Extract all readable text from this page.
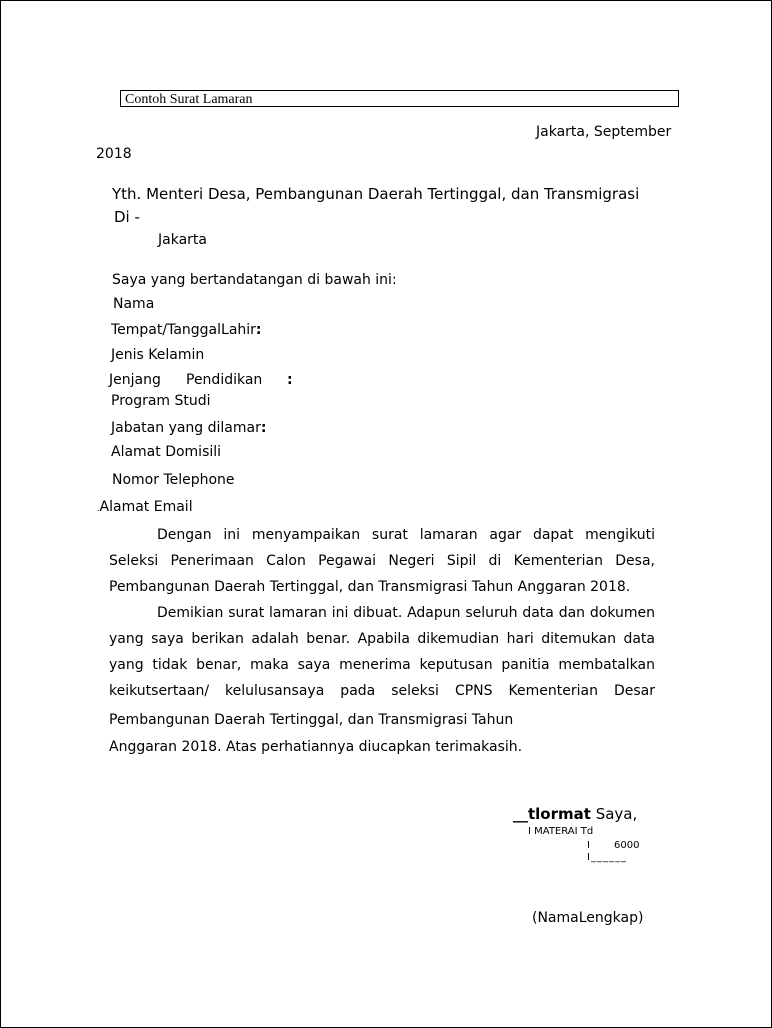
Contoh Surat Lamaran
Jakarta, September
2018
Yth. Menteri Desa, Pembangunan Daerah Tertinggal, dan Transmigrasi
Di -
Jakarta
Saya yang bertandatangan di bawah ini:
Nama
Tempat/TanggalLahir:
Jenis Kelamin
Jenjang Pendidikan :
Program Studi
Jabatan yang dilamar:
Alamat Domisili
Nomor Telephone
.Alamat Email
Dengan ini menyampaikan surat lamaran agar dapat mengikuti Seleksi Penerimaan Calon Pegawai Negeri Sipil di Kementerian Desa, Pembangunan Daerah Tertinggal, dan Transmigrasi Tahun Anggaran 2018.
Demikian surat lamaran ini dibuat. Adapun seluruh data dan dokumen yang saya berikan adalah benar. Apabila dikemudian hari ditemukan data yang tidak benar, maka saya menerima keputusan panitia membatalkan keikutsertaan/ kelulusansaya pada seleksi CPNS Kementerian Desar
Pembangunan Daerah Tertinggal, dan Transmigrasi Tahun
Anggaran 2018. Atas perhatiannya diucapkan terimakasih.
__tlormat Saya,
I MATERAI Td
I 6000
I______
(NamaLengkap)
